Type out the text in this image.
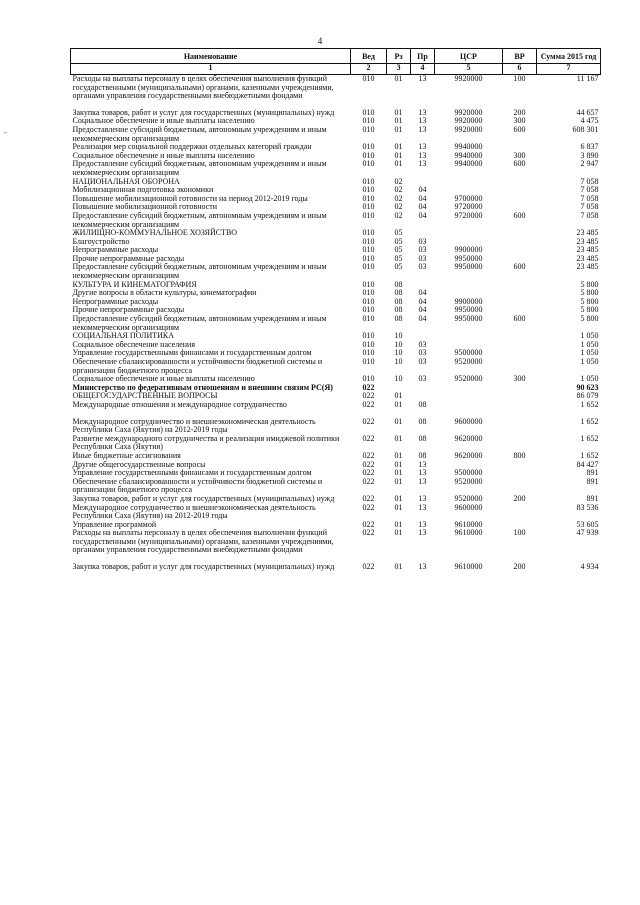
4
-
Наименование	Вед	Рз	Пр	ЦСР	ВР	Сумма 2015 год
1	2	3	4	5	6	7
Расходы на выплаты персоналу в целях обеспечения выполнения функций государственными (муниципальными) органами, казенными учреждениями, органами управления государственными внебюджетными фондами	010	01	13	9920000	100	11 167

Закупка товаров, работ и услуг для государственных (муниципальных) нужд	010	01	13	9920000	200	44 657
Социальное обеспечение и иные выплаты населению	010	01	13	9920000	300	4 475
Предоставление субсидий бюджетным, автономным учреждениям и иным некоммерческим организациям	010	01	13	9920000	600	608 301
Реализация мер социальной поддержки отдельных категорий граждан	010	01	13	9940000		6 837
Социальное обеспечение и иные выплаты населению	010	01	13	9940000	300	3 890
Предоставление субсидий бюджетным, автономным учреждениям и иным некоммерческим организациям	010	01	13	9940000	600	2 947
НАЦИОНАЛЬНАЯ ОБОРОНА	010	02				7 058
Мобилизационная подготовка экономики	010	02	04			7 058
Повышение мобилизационной готовности на период 2012-2019 годы	010	02	04	9700000		7 058
Повышение мобилизационной готовности	010	02	04	9720000		7 058
Предоставление субсидий бюджетным, автономным учреждениям и иным некоммерческим организациям	010	02	04	9720000	600	7 058
ЖИЛИЩНО-КОММУНАЛЬНОЕ ХОЗЯЙСТВО	010	05				23 485
Благоустройство	010	05	03			23 485
Непрограммные расходы	010	05	03	9900000		23 485
Прочие непрограммные расходы	010	05	03	9950000		23 485
Предоставление субсидий бюджетным, автономным учреждениям и иным некоммерческим организациям	010	05	03	9950000	600	23 485
КУЛЬТУРА И КИНЕМАТОГРАФИЯ	010	08				5 800
Другие вопросы в области культуры, кинематографии	010	08	04			5 800
Непрограммные расходы	010	08	04	9900000		5 800
Прочие непрограммные расходы	010	08	04	9950000		5 800
Предоставление субсидий бюджетным, автономным учреждениям и иным некоммерческим организациям	010	08	04	9950000	600	5 800
СОЦИАЛЬНАЯ ПОЛИТИКА	010	10				1 050
Социальное обеспечение населения	010	10	03			1 050
Управление государственными финансами и государственным долгом	010	10	03	9500000		1 050
Обеспечение сбалансированности и устойчивости бюджетной системы и организации бюджетного процесса	010	10	03	9520000		1 050
Социальное обеспечение и иные выплаты населению	010	10	03	9520000	300	1 050
Министерство по федеративным отношениям и внешним связям РС(Я)	022					90 623
ОБЩЕГОСУДАРСТВЕННЫЕ ВОПРОСЫ	022	01				86 079
Международные отношения и международное сотрудничество	022	01	08			1 652

Международное сотрудничество и внешнеэкономическая деятельность Республики Саха (Якутия) на 2012-2019 годы	022	01	08	9600000		1 652
Развитие международного сотрудничества и реализация имиджевой политики Республики Саха (Якутия)	022	01	08	9620000		1 652
Иные бюджетные ассигнования	022	01	08	9620000	800	1 652
Другие общегосударственные вопросы	022	01	13			84 427
Управление государственными финансами и государственным долгом	022	01	13	9500000		891
Обеспечение сбалансированности и устойчивости бюджетной системы и организации бюджетного процесса	022	01	13	9520000		891
Закупка товаров, работ и услуг для государственных (муниципальных) нужд	022	01	13	9520000	200	891
Международное сотрудничество и внешнеэкономическая деятельность Республики Саха (Якутия) на 2012-2019 годы	022	01	13	9600000		83 536
Управление программой	022	01	13	9610000		53 605
Расходы на выплаты персоналу в целях обеспечения выполнения функций государственными (муниципальными) органами, казенными учреждениями, органами управления государственными внебюджетными фондами	022	01	13	9610000	100	47 939

Закупка товаров, работ и услуг для государственных (муниципальных) нужд	022	01	13	9610000	200	4 934
